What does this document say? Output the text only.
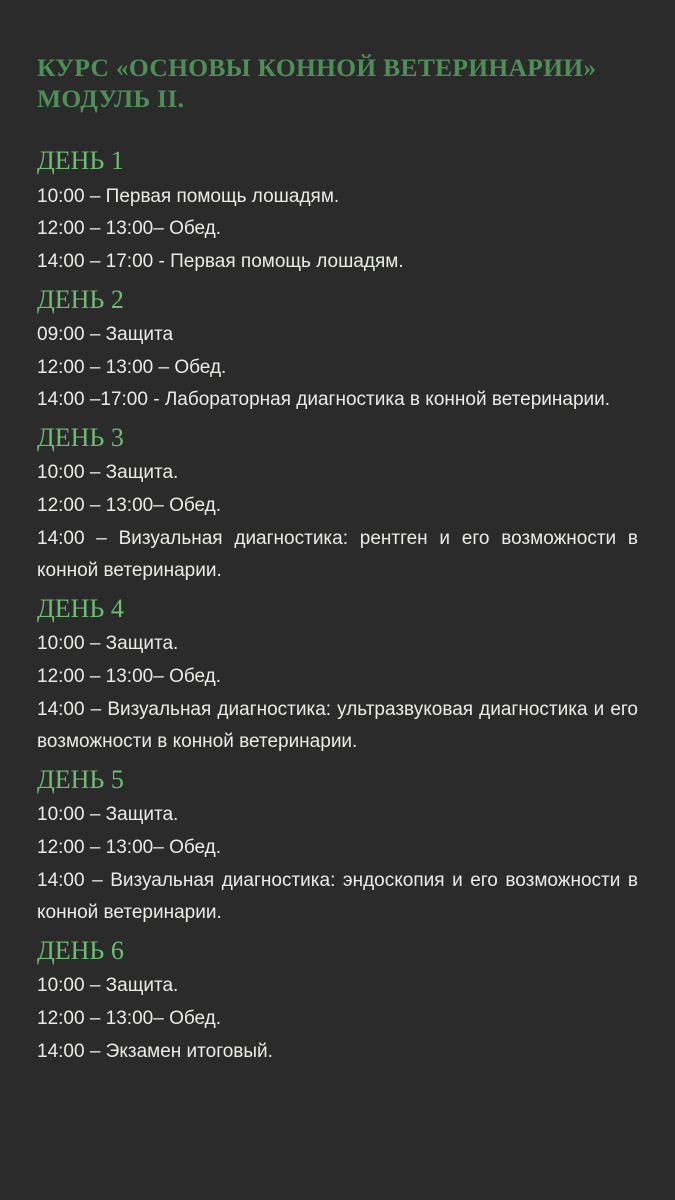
КУРС «ОСНОВЫ КОННОЙ ВЕТЕРИНАРИИ»
МОДУЛЬ II.
ДЕНЬ 1

10:00 – Первая помощь лошадям.

12:00 – 13:00– Обед.

14:00 – 17:00 - Первая помощь лошадям.

ДЕНЬ 2

09:00 – Защита

12:00 – 13:00 – Обед.

14:00 –17:00 - Лабораторная диагностика в конной ветеринарии.

ДЕНЬ 3

10:00 – Защита.

12:00 – 13:00– Обед.

14:00 – Визуальная диагностика: рентген и его возможности в конной ветеринарии.

ДЕНЬ 4

10:00 – Защита.

12:00 – 13:00– Обед.

14:00 – Визуальная диагностика: ультразвуковая диагностика и его возможности в конной ветеринарии.

ДЕНЬ 5

10:00 – Защита.

12:00 – 13:00– Обед.

14:00 – Визуальная диагностика: эндоскопия и его возможности в конной ветеринарии.

ДЕНЬ 6

10:00 – Защита.

12:00 – 13:00– Обед.

14:00 – Экзамен итоговый.
